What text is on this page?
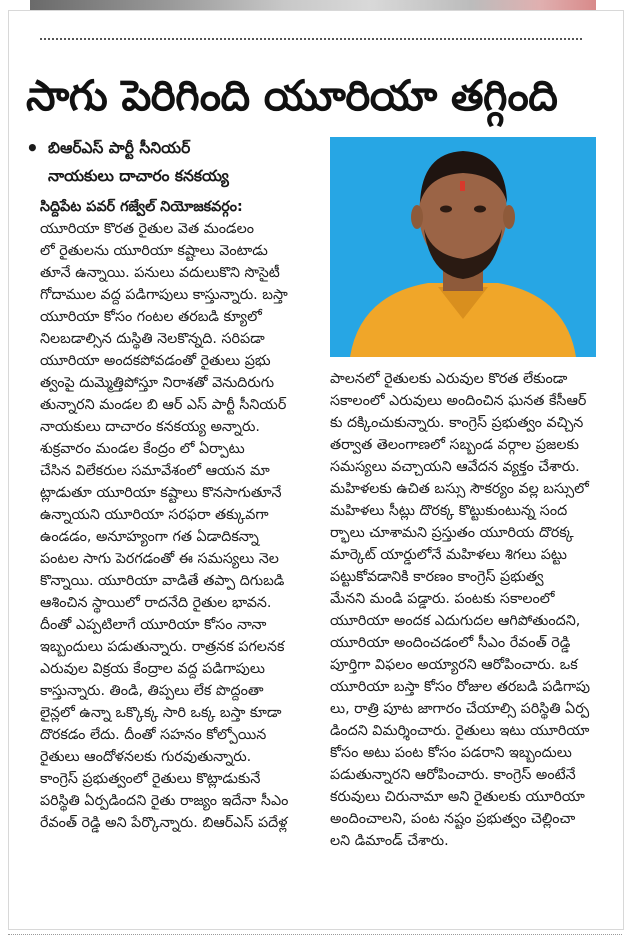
సాగు పెరిగింది యూరియా తగ్గింది
• బిఆర్ఎస్ పార్టీ సీనియర్
నాయకులు దాచారం కనకయ్య
సిద్దిపేట పవర్ గజ్వేల్ నియోజకవర్గం:
యూరియా కొరత రైతుల వెత మండలం
లో రైతులను యూరియా కష్టాలు వెంటాడు
తూనే ఉన్నాయి. పనులు వదులుకొని సొసైటీ
గోదాముల వద్ద పడిగాపులు కాస్తున్నారు. బస్తా
యూరియా కోసం గంటల తరబడి క్యూలో
నిలబడాల్సిన దుస్థితి నెలకొన్నది. సరిపడా
యూరియా అందకపోవడంతో రైతులు ప్రభు
త్వంపై దుమ్మెత్తిపోస్తూ నిరాశతో వెనుదిరుగు
తున్నారని మండల బి ఆర్ ఎస్ పార్టీ సీనియర్
నాయకులు దాచారం కనకయ్య అన్నారు.
శుక్రవారం మండల కేంద్రం లో ఏర్పాటు
చేసిన విలేకరుల సమావేశంలో ఆయన మా
ట్లాడుతూ యూరియా కష్టాలు కొనసాగుతూనే
ఉన్నాయని యూరియా సరఫరా తక్కువగా
ఉండడం, అనూహ్యంగా గత ఏడాదికన్నా
పంటల సాగు పెరగడంతో ఈ సమస్యలు నెల
కొన్నాయి. యూరియా వాడితే తప్పా దిగుబడి
ఆశించిన స్థాయిలో రాదనేది రైతుల భావన.
దీంతో ఎప్పటిలాగే యూరియా కోసం నానా
ఇబ్బందులు పడుతున్నారు. రాత్రనక పగలనక
ఎరువుల విక్రయ కేంద్రాల వద్ద పడిగాపులు
కాస్తున్నారు. తిండి, తిప్పలు లేక పొద్దంతా
లైన్లలో ఉన్నా ఒక్కొక్క సారి ఒక్క బస్తా కూడా
దొరకడం లేదు. దీంతో సహనం కోల్పోయిన
రైతులు ఆందోళనలకు గురవుతున్నారు.
కాంగ్రెస్ ప్రభుత్వంలో రైతులు కొట్లాడుకునే
పరిస్థితి ఏర్పడిందని రైతు రాజ్యం ఇదేనా సీఎం
రేవంత్ రెడ్డి అని పేర్కొన్నారు. బిఆర్ఎస్ పదేళ్ల
పాలనలో రైతులకు ఎరువుల కొరత లేకుండా
సకాలంలో ఎరువులు అందించిన ఘనత కేసీఆర్
కు దక్కించుకున్నారు. కాంగ్రెస్ ప్రభుత్వం వచ్చిన
తర్వాత తెలంగాణలో సబ్బండ వర్గాల ప్రజలకు
సమస్యలు వచ్చాయని ఆవేదన వ్యక్తం చేశారు.
మహిళలకు ఉచిత బస్సు సౌకర్యం వల్ల బస్సులో
మహిళలు సీట్లు దొరక్క కొట్టుకుంటున్న సంద
ర్భాలు చూశామని ప్రస్తుతం యూరియ దొరక్క
మార్కెట్ యార్డులోనే మహిళలు శిగలు పట్టు
పట్టుకోవడానికి కారణం కాంగ్రెస్ ప్రభుత్వ
మేనని మండి పడ్డారు. పంటకు సకాలంలో
యూరియా అందక ఎదుగుదల ఆగిపోతుందని,
యూరియా అందించడంలో సీఎం రేవంత్ రెడ్డి
పూర్తిగా విఫలం అయ్యారని ఆరోపించారు. ఒక
యూరియా బస్తా కోసం రోజుల తరబడి పడిగాపు
లు, రాత్రి పూట జాగారం చేయాల్సి పరిస్థితి ఏర్ప
డిందని విమర్శించారు. రైతులు ఇటు యూరియా
కోసం అటు పంట కోసం పడరాని ఇబ్బందులు
పడుతున్నారని ఆరోపించారు. కాంగ్రెస్ అంటేనే
కరువులు చిరునామా అని రైతులకు యూరియా
అందించాలని, పంట నష్టం ప్రభుత్వం చెల్లించా
లని డిమాండ్ చేశారు.
